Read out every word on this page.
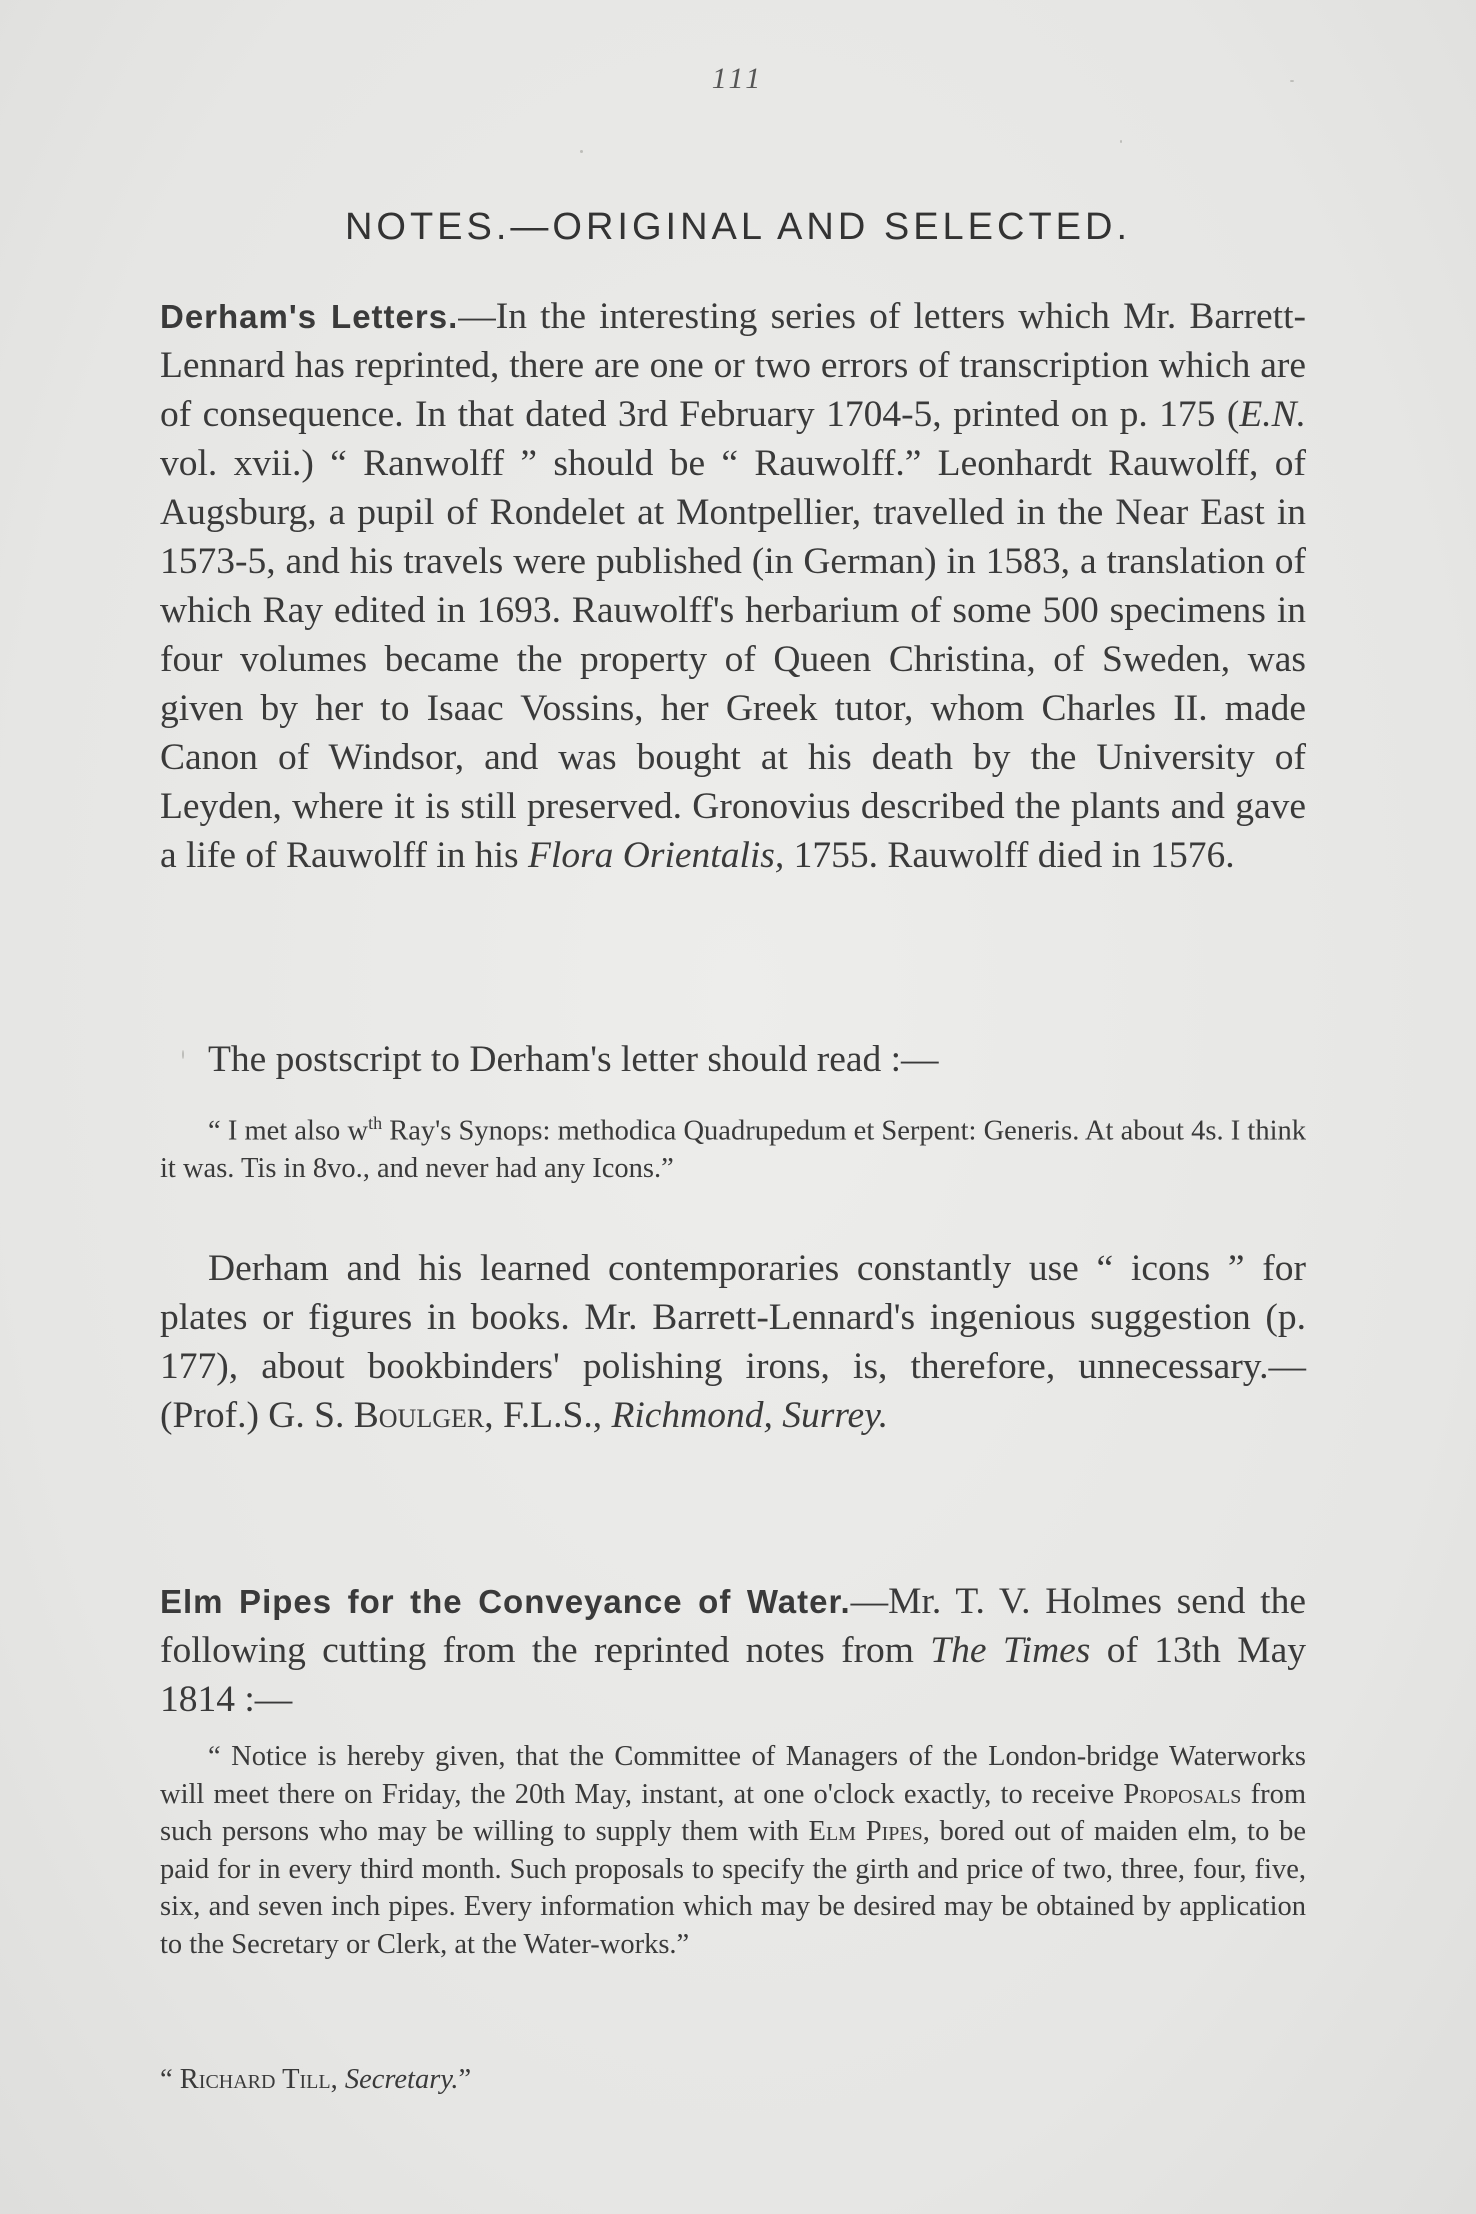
111
NOTES.—ORIGINAL AND SELECTED.

Derham's Letters.—In the interesting series of letters which Mr. Barrett-Lennard has reprinted, there are one or two errors of transcription which are of consequence. In that dated 3rd February 1704-5, printed on p. 175 (E.N. vol. xvii.) “ Ranwolff ” should be “ Rauwolff.” Leonhardt Rauwolff, of Augsburg, a pupil of Rondelet at Montpellier, travelled in the Near East in 1573-5, and his travels were published (in German) in 1583, a translation of which Ray edited in 1693. Rauwolff's herbarium of some 500 specimens in four volumes became the property of Queen Christina, of Sweden, was given by her to Isaac Vossins, her Greek tutor, whom Charles II. made Canon of Windsor, and was bought at his death by the University of Leyden, where it is still preserved. Gronovius described the plants and gave a life of Rauwolff in his Flora Orientalis, 1755. Rauwolff died in 1576.

The postscript to Derham's letter should read :—

“ I met also $w^{th}$ Ray's Synops: methodica Quadrupedum et Serpent: Generis. At about 4s. I think it was. Tis in 8vo., and never had any Icons.”

Derham and his learned contemporaries constantly use “ icons ” for plates or figures in books. Mr. Barrett-Lennard's ingenious suggestion (p. 177), about bookbinders' polishing irons, is, therefore, unnecessary.—(Prof.) G. S. Boulger, F.L.S., Richmond, Surrey.

Elm Pipes for the Conveyance of Water.—Mr. T. V. Holmes send the following cutting from the reprinted notes from The Times of 13th May 1814 :—

“ Notice is hereby given, that the Committee of Managers of the London-bridge Waterworks will meet there on Friday, the 20th May, instant, at one o'clock exactly, to receive Proposals from such persons who may be willing to supply them with Elm Pipes, bored out of maiden elm, to be paid for in every third month. Such proposals to specify the girth and price of two, three, four, five, six, and seven inch pipes. Every information which may be desired may be obtained by application to the Secretary or Clerk, at the Water-works.”

“ Richard Till, Secretary.”
